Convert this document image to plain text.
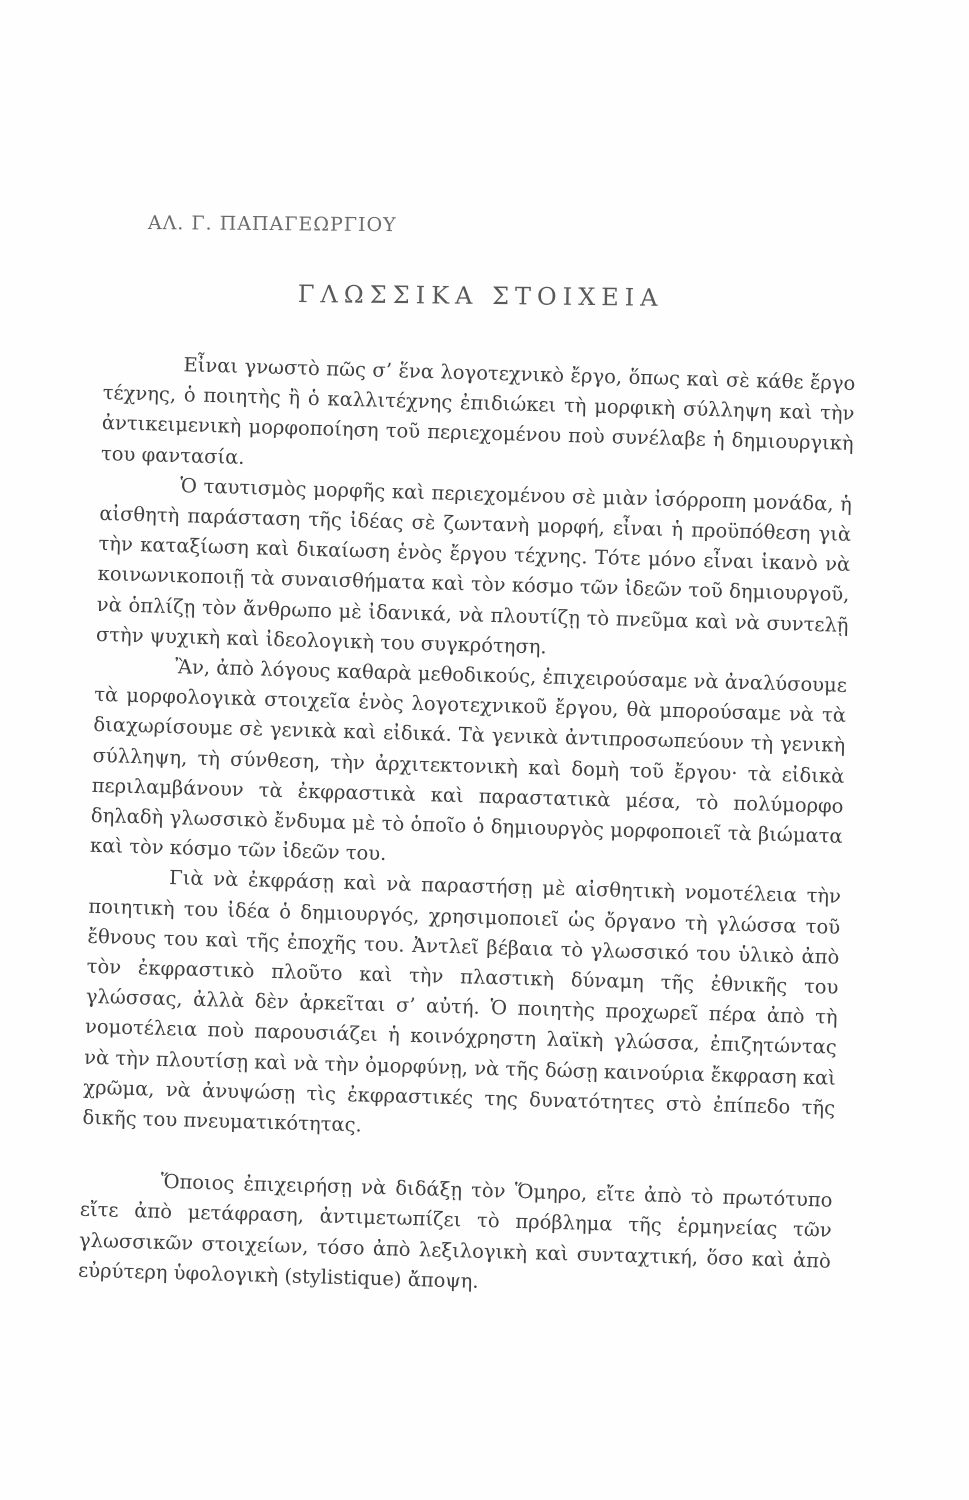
ΑΛ. Γ. ΠΑΠΑΓΕΩΡΓΙΟΥ
ΓΛΩΣΣΙΚΑ ΣΤΟΙΧΕΙΑ

Εἶναι γνωστὸ πῶς σ’ ἕνα λογοτεχνικὸ ἔργο, ὅπως καὶ σὲ κάθε ἔργο τέχνης, ὁ ποιητὴς ἢ ὁ καλλιτέχνης ἐπιδιώκει τὴ μορφικὴ σύλληψη καὶ τὴν ἀντικειμενικὴ μορφοποίηση τοῦ περιεχομένου ποὺ συνέλαβε ἡ δημιουργικὴ του φαντασία.

Ὁ ταυτισμὸς μορφῆς καὶ περιεχομένου σὲ μιὰν ἰσόρροπη μονάδα, ἡ αἰσθητὴ παράσταση τῆς ἰδέας σὲ ζωντανὴ μορφή, εἶναι ἡ προϋπόθεση γιὰ τὴν καταξίωση καὶ δικαίωση ἑνὸς ἔργου τέχνης. Τότε μόνο εἶναι ἱκανὸ νὰ κοινωνικοποιῇ τὰ συναισθήματα καὶ τὸν κόσμο τῶν ἰδεῶν τοῦ δημιουργοῦ, νὰ ὁπλίζῃ τὸν ἄνθρωπο μὲ ἰδανικά, νὰ πλουτίζῃ τὸ πνεῦμα καὶ νὰ συντελῇ στὴν ψυχικὴ καὶ ἰδεολογικὴ του συγκρότηση.

Ἂν, ἀπὸ λόγους καθαρὰ μεθοδικούς, ἐπιχειρούσαμε νὰ ἀναλύσουμε τὰ μορφολογικὰ στοιχεῖα ἑνὸς λογοτεχνικοῦ ἔργου, θὰ μπορούσαμε νὰ τὰ διαχωρίσουμε σὲ γενικὰ καὶ εἰδικά. Τὰ γενικὰ ἀντιπροσωπεύουν τὴ γενικὴ σύλληψη, τὴ σύνθεση, τὴν ἀρχιτεκτονικὴ καὶ δομὴ τοῦ ἔργου· τὰ εἰδικὰ περιλαμβάνουν τὰ ἐκφραστικὰ καὶ παραστατικὰ μέσα, τὸ πολύμορφο δηλαδὴ γλωσσικὸ ἔνδυμα μὲ τὸ ὁποῖο ὁ δημιουργὸς μορφοποιεῖ τὰ βιώματα καὶ τὸν κόσμο τῶν ἰδεῶν του.

Γιὰ νὰ ἐκφράσῃ καὶ νὰ παραστήσῃ μὲ αἰσθητικὴ νομοτέλεια τὴν ποιητικὴ του ἰδέα ὁ δημιουργός, χρησιμοποιεῖ ὡς ὄργανο τὴ γλώσσα τοῦ ἔθνους του καὶ τῆς ἐποχῆς του. Ἀντλεῖ βέβαια τὸ γλωσσικό του ὑλικὸ ἀπὸ τὸν ἐκφραστικὸ πλοῦτο καὶ τὴν πλαστικὴ δύναμη τῆς ἐθνικῆς του γλώσσας, ἀλλὰ δὲν ἀρκεῖται σ’ αὐτή. Ὁ ποιητὴς προχωρεῖ πέρα ἀπὸ τὴ νομοτέλεια ποὺ παρουσιάζει ἡ κοινόχρηστη λαϊκὴ γλώσσα, ἐπιζητώντας νὰ τὴν πλουτίσῃ καὶ νὰ τὴν ὀμορφύνῃ, νὰ τῆς δώσῃ καινούρια ἔκφραση καὶ χρῶμα, νὰ ἀνυψώσῃ τὶς ἐκφραστικές της δυνατότητες στὸ ἐπίπεδο τῆς δικῆς του πνευματικότητας.

Ὅποιος ἐπιχειρήσῃ νὰ διδάξῃ τὸν Ὅμηρο, εἴτε ἀπὸ τὸ πρωτότυπο εἴτε ἀπὸ μετάφραση, ἀντιμετωπίζει τὸ πρόβλημα τῆς ἑρμηνείας τῶν γλωσσικῶν στοιχείων, τόσο ἀπὸ λεξιλογικὴ καὶ συνταχτική, ὅσο καὶ ἀπὸ εὐρύτερη ὑφολογικὴ (stylistique) ἄποψη.
